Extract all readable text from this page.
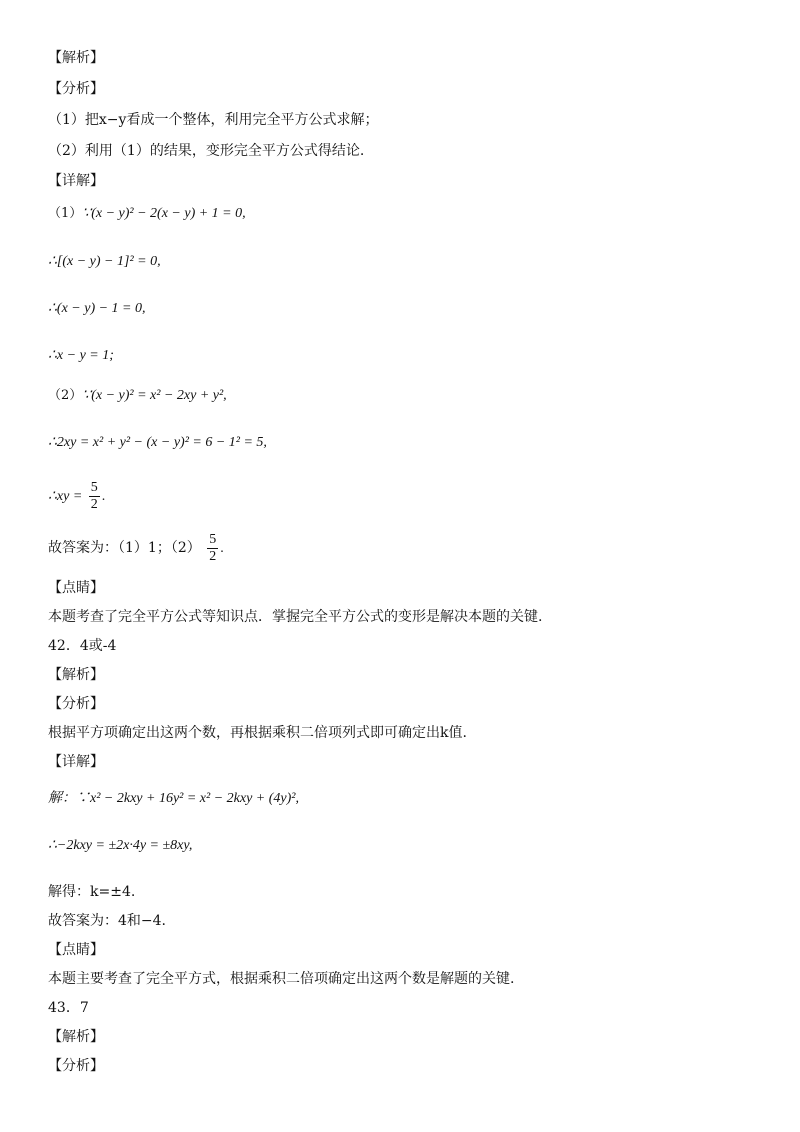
【解析】
【分析】
（1）把x−y看成一个整体，利用完全平方公式求解；
（2）利用（1）的结果，变形完全平方公式得结论.
【详解】
（1）∵(x − y)² − 2(x − y) + 1 = 0,
∴[(x − y) − 1]² = 0,
∴(x − y) − 1 = 0,
∴x − y = 1;
（2）∵(x − y)² = x² − 2xy + y²,
∴2xy = x² + y² − (x − y)² = 6 − 1² = 5,
∴xy = $\frac{5}{2}$ .
故答案为：（1）1；$(2) \frac{5}{2}$ .
【点睛】
本题考查了完全平方公式等知识点．掌握完全平方公式的变形是解决本题的关键.
42．4或-4
【解析】
【分析】
根据平方项确定出这两个数，再根据乘积二倍项列式即可确定出k值.
【详解】
解：∵x² − 2kxy + 16y² = x² − 2kxy + (4y)²,
∴−2kxy = ±2x·4y = ±8xy,
解得：k=±4.
故答案为：4和−4.
【点睛】
本题主要考查了完全平方式，根据乘积二倍项确定出这两个数是解题的关键.
43．7
【解析】
【分析】
